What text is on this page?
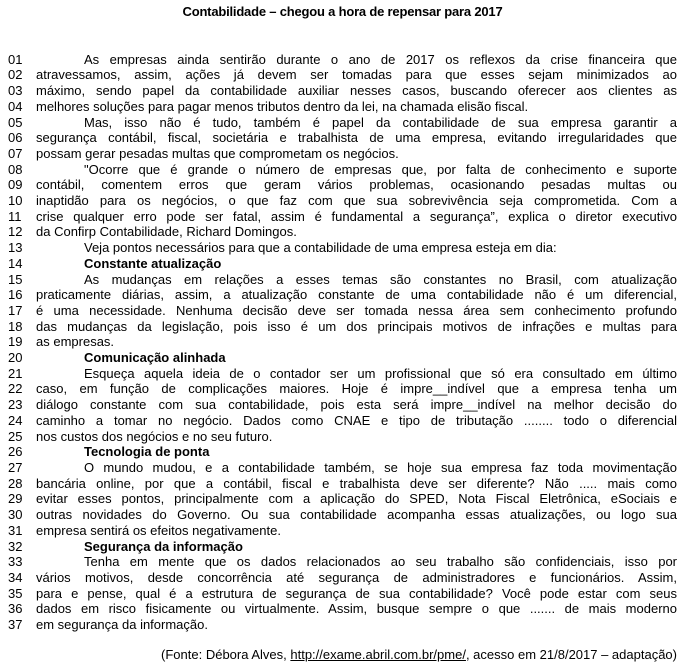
Contabilidade – chegou a hora de repensar para 2017
01	As empresas ainda sentirão durante o ano de 2017 os reflexos da crise financeira que
02	atravessamos, assim, ações já devem ser tomadas para que esses sejam minimizados ao
03	máximo, sendo papel da contabilidade auxiliar nesses casos, buscando oferecer aos clientes as
04	melhores soluções para pagar menos tributos dentro da lei, na chamada elisão fiscal.
05	Mas, isso não é tudo, também é papel da contabilidade de sua empresa garantir a
06	segurança contábil, fiscal, societária e trabalhista de uma empresa, evitando irregularidades que
07	possam gerar pesadas multas que comprometam os negócios.
08	"Ocorre que é grande o número de empresas que, por falta de conhecimento e suporte
09	contábil, comentem erros que geram vários problemas, ocasionando pesadas multas ou
10	inaptidão para os negócios, o que faz com que sua sobrevivência seja comprometida. Com a
11	crise qualquer erro pode ser fatal, assim é fundamental a segurança”, explica o diretor executivo
12	da Confirp Contabilidade, Richard Domingos.
13	Veja pontos necessários para que a contabilidade de uma empresa esteja em dia:
14	Constante atualização
15	As mudanças em relações a esses temas são constantes no Brasil, com atualização
16	praticamente diárias, assim, a atualização constante de uma contabilidade não é um diferencial,
17	é uma necessidade. Nenhuma decisão deve ser tomada nessa área sem conhecimento profundo
18	das mudanças da legislação, pois isso é um dos principais motivos de infrações e multas para
19	as empresas.
20	Comunicação alinhada
21	Esqueça aquela ideia de o contador ser um profissional que só era consultado em último
22	caso, em função de complicações maiores. Hoje é impre__indível que a empresa tenha um
23	diálogo constante com sua contabilidade, pois esta será impre__indível na melhor decisão do
24	caminho a tomar no negócio. Dados como CNAE e tipo de tributação ........ todo o diferencial
25	nos custos dos negócios e no seu futuro.
26	Tecnologia de ponta
27	O mundo mudou, e a contabilidade também, se hoje sua empresa faz toda movimentação
28	bancária online, por que a contábil, fiscal e trabalhista deve ser diferente? Não ..... mais como
29	evitar esses pontos, principalmente com a aplicação do SPED, Nota Fiscal Eletrônica, eSociais e
30	outras novidades do Governo. Ou sua contabilidade acompanha essas atualizações, ou logo sua
31	empresa sentirá os efeitos negativamente.
32	Segurança da informação
33	Tenha em mente que os dados relacionados ao seu trabalho são confidenciais, isso por
34	vários motivos, desde concorrência até segurança de administradores e funcionários. Assim,
35	para e pense, qual é a estrutura de segurança de sua contabilidade? Você pode estar com seus
36	dados em risco fisicamente ou virtualmente. Assim, busque sempre o que ....... de mais moderno
37	em segurança da informação.
(Fonte: Débora Alves, http://exame.abril.com.br/pme/, acesso em 21/8/2017 – adaptação)
